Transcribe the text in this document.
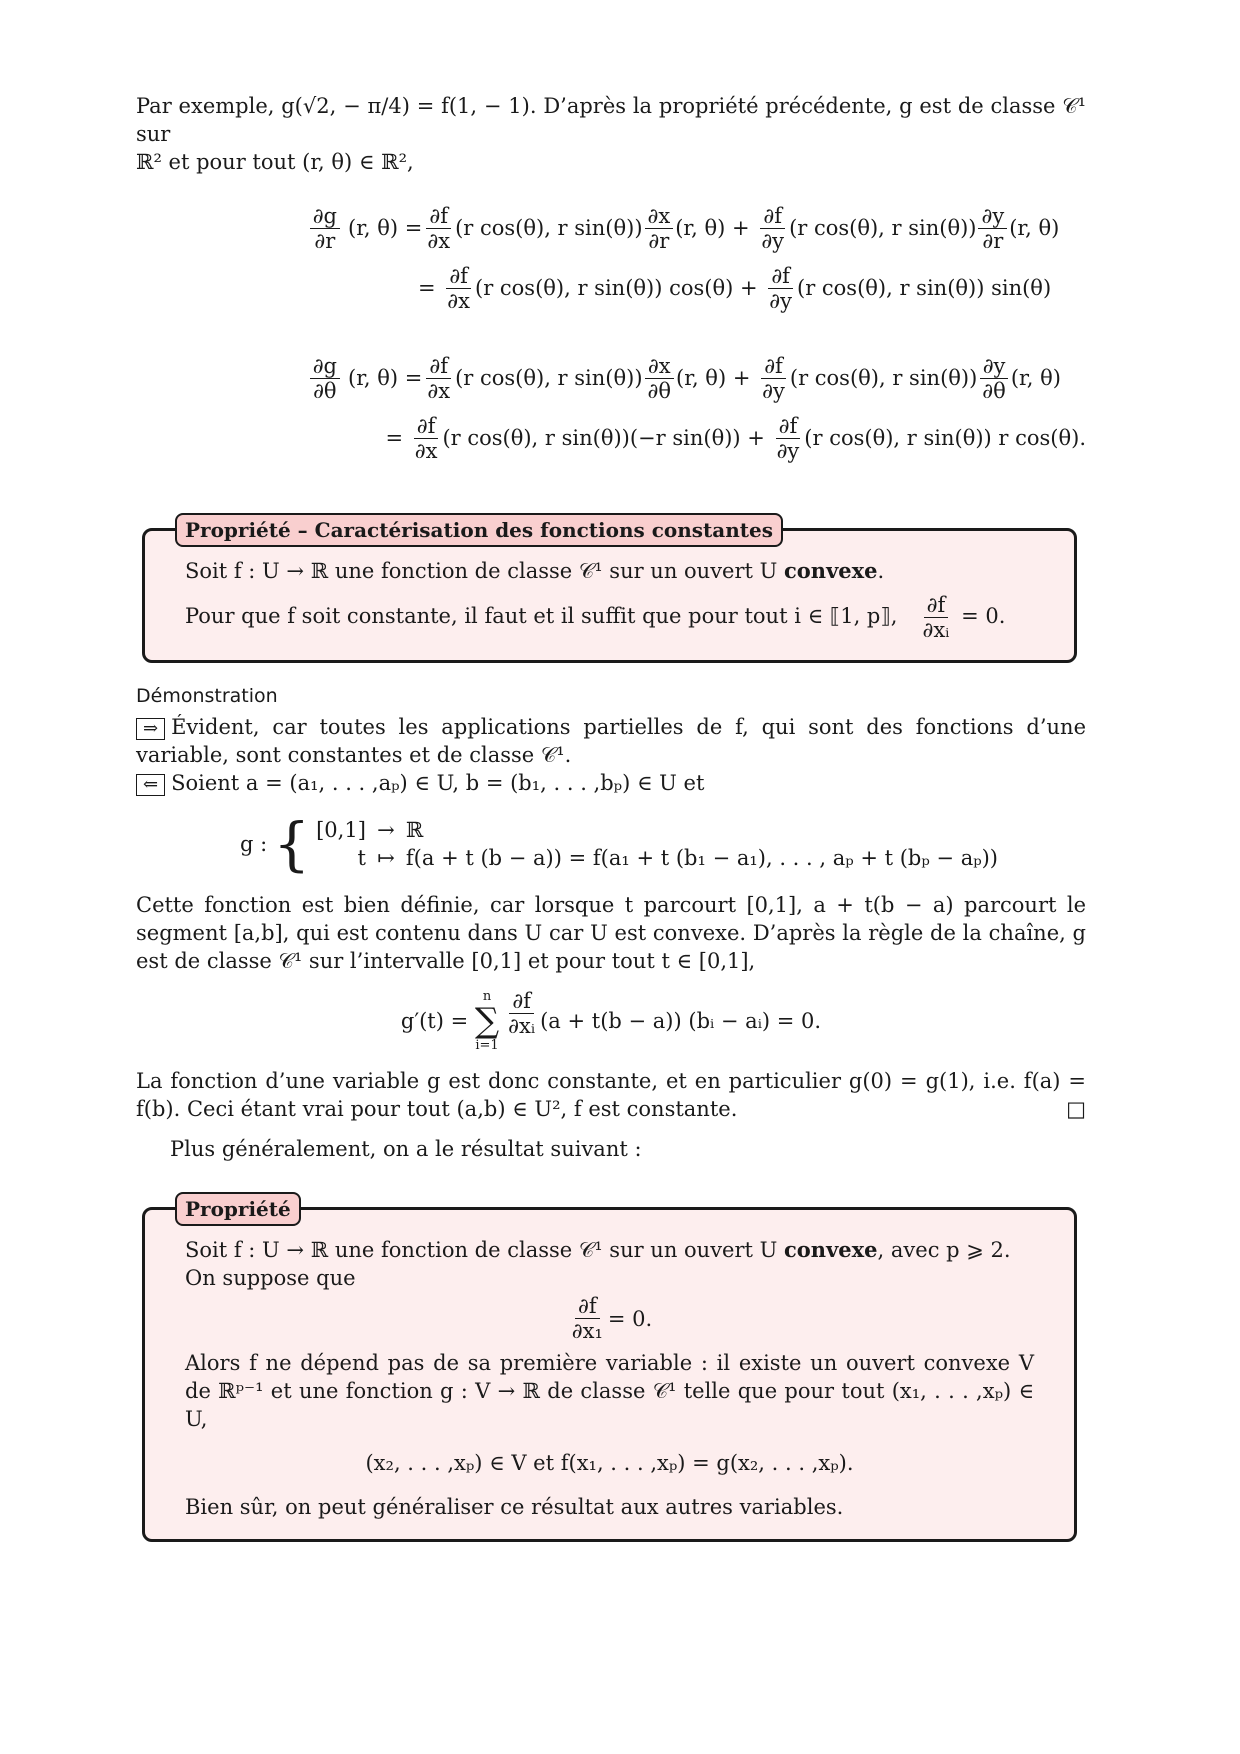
Par exemple, g(√2, − π/4) = f(1, − 1). D’après la propriété précédente, g est de classe 𝒞¹ sur

ℝ² et pour tout (r, θ) ∈ ℝ²,

$\frac{\partial g}{\partial r} (r$, $\theta) = \frac{\partial f}{\partial x} (r$ cos(θ), r $\sin(\theta)) \frac{\partial x}{\partial r} (r$, θ)
+
$\frac{\partial f}{\partial y} (r$ cos(θ), r $\sin(\theta)) \frac{\partial y}{\partial r} (r$, θ)
=
$\frac{\partial f}{\partial x} (r$ cos(θ), r sin(θ)) cos(θ) +
$\frac{\partial f}{\partial y} (r$ cos(θ), r sin(θ)) sin(θ)
$\frac{\partial g}{\partial\theta} (r$, $\theta) = \frac{\partial f}{\partial x} (r$ cos(θ), r $\sin(\theta)) \frac{\partial x}{\partial\theta} (r$, θ)
+
$\frac{\partial f}{\partial y} (r$ cos(θ), r $\sin(\theta)) \frac{\partial y}{\partial\theta} (r$, θ)
=
$\frac{\partial f}{\partial x} (r$ cos(θ), r sin(θ))(−r sin(θ)) +
$\frac{\partial f}{\partial y} (r$ cos(θ), r sin(θ)) r cos(θ).
Propriété – Caractérisation des fonctions constantes

Soit f : U → ℝ une fonction de classe 𝒞¹ sur un ouvert U convexe.

Pour que f soit constante, il faut et il suffit que pour tout i ∈ ⟦1, p⟧, $\frac{\partial f}{\text{∂xᵢ}} = 0$.

Démonstration

⇒ Évident, car toutes les applications partielles de f, qui sont des fonctions d’une variable, sont constantes et de classe 𝒞¹.

⇐ Soient a = (a₁, . . . ,aₚ) ∈ U, b = (b₁, . . . ,bₚ) ∈ U et

g : { [0,1] → ℝ
t ↦ f(a + t (b − a)) = f(a₁ + t (b₁ − a₁), . . . , aₚ + t (bₚ − aₚ))

Cette fonction est bien définie, car lorsque t parcourt [0,1], a + t(b − a) parcourt le segment [a,b], qui est contenu dans U car U est convexe. D’après la règle de la chaîne, g est de classe 𝒞¹ sur l’intervalle [0,1] et pour tout t ∈ [0,1],

g′(t) =

n
∑
$i=1 \frac{\partial f}{\text{∂xᵢ}} (a + t(b - a))$ (bᵢ − aᵢ) = 0.

La fonction d’une variable g est donc constante, et en particulier g(0) = g(1), i.e. f(a) = f(b). Ceci étant vrai pour tout (a,b) ∈ U², f est constante.	□

Plus généralement, on a le résultat suivant :

Propriété

Soit f : U → ℝ une fonction de classe 𝒞¹ sur un ouvert U convexe, avec p ⩾ 2.

On suppose que

$\frac{\partial f}{\text{∂x₁}} = 0$.

Alors f ne dépend pas de sa première variable : il existe un ouvert convexe V de ℝᵖ⁻¹ et une fonction g : V → ℝ de classe 𝒞¹ telle que pour tout (x₁, . . . ,xₚ) ∈ U,

(x₂, . . . ,xₚ) ∈ V et f(x₁, . . . ,xₚ) = g(x₂, . . . ,xₚ).

Bien sûr, on peut généraliser ce résultat aux autres variables.
